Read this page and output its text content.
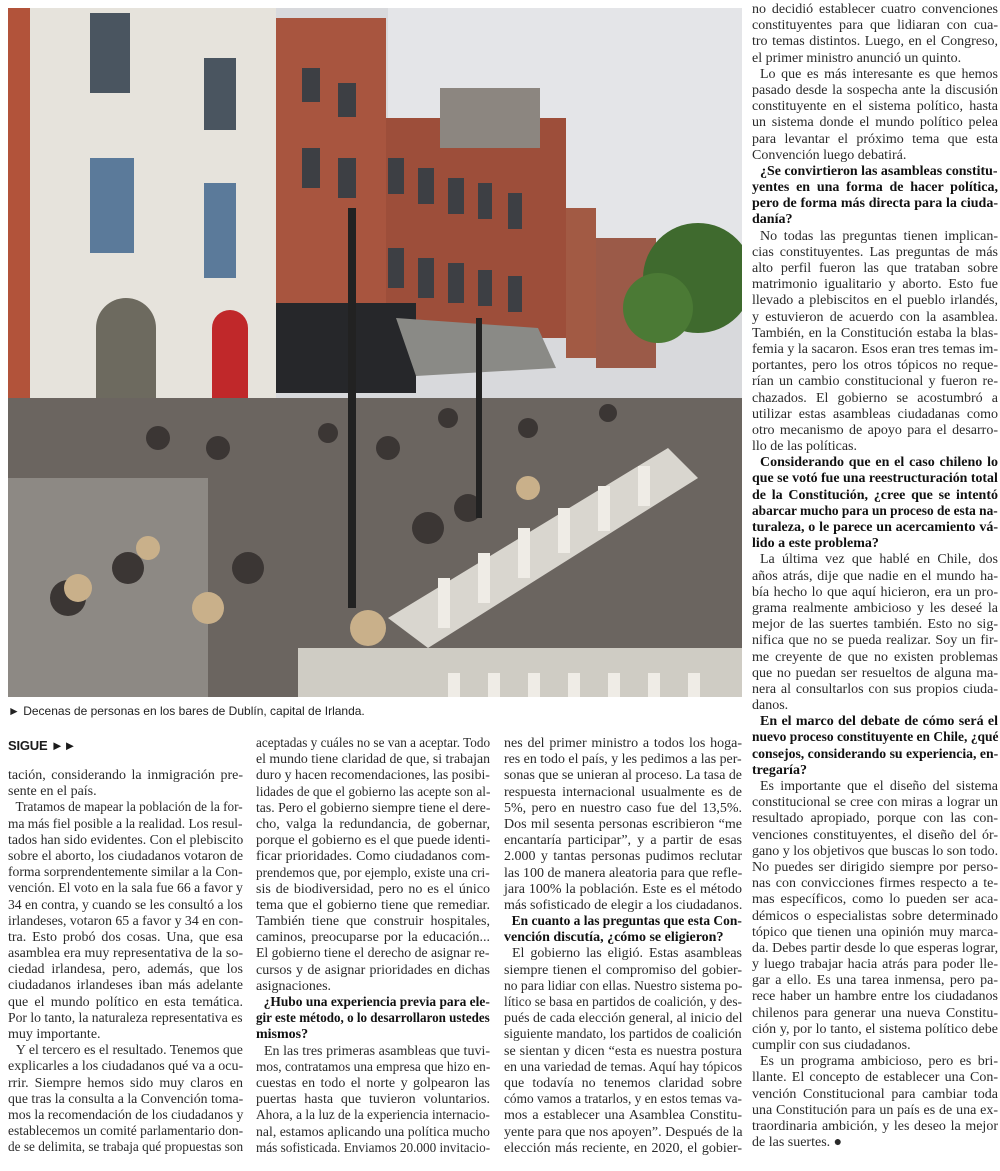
► Decenas de personas en los bares de Dublín, capital de Irlanda.
SIGUE ►►
no decidió establecer cuatro convenciones
constituyentes para que lidiaran con cua-
tro temas distintos. Luego, en el Congreso,
el primer ministro anunció un quinto.
Lo que es más interesante es que hemos
pasado desde la sospecha ante la discusión
constituyente en el sistema político, hasta
un sistema donde el mundo político pelea
para levantar el próximo tema que esta
Convención luego debatirá.
¿Se convirtieron las asambleas constitu-
yentes en una forma de hacer política,
pero de forma más directa para la ciuda-
danía?
No todas las preguntas tienen implican-
cias constituyentes. Las preguntas de más
alto perfil fueron las que trataban sobre
matrimonio igualitario y aborto. Esto fue
llevado a plebiscitos en el pueblo irlandés,
y estuvieron de acuerdo con la asamblea.
También, en la Constitución estaba la blas-
femia y la sacaron. Esos eran tres temas im-
portantes, pero los otros tópicos no reque-
rían un cambio constitucional y fueron re-
chazados. El gobierno se acostumbró a
utilizar estas asambleas ciudadanas como
otro mecanismo de apoyo para el desarro-
llo de las políticas.
Considerando que en el caso chileno lo
que se votó fue una reestructuración total
de la Constitución, ¿cree que se intentó
abarcar mucho para un proceso de esta na-
turaleza, o le parece un acercamiento vá-
lido a este problema?
La última vez que hablé en Chile, dos
años atrás, dije que nadie en el mundo ha-
bía hecho lo que aquí hicieron, era un pro-
grama realmente ambicioso y les deseé la
mejor de las suertes también. Esto no sig-
nifica que no se pueda realizar. Soy un fir-
me creyente de que no existen problemas
que no puedan ser resueltos de alguna ma-
nera al consultarlos con sus propios ciuda-
danos.
En el marco del debate de cómo será el
nuevo proceso constituyente en Chile, ¿qué
consejos, considerando su experiencia, en-
tregaría?
Es importante que el diseño del sistema
constitucional se cree con miras a lograr un
resultado apropiado, porque con las con-
venciones constituyentes, el diseño del ór-
gano y los objetivos que buscas lo son todo.
No puedes ser dirigido siempre por perso-
nas con convicciones firmes respecto a te-
mas específicos, como lo pueden ser aca-
démicos o especialistas sobre determinado
tópico que tienen una opinión muy marca-
da. Debes partir desde lo que esperas lograr,
y luego trabajar hacia atrás para poder lle-
gar a ello. Es una tarea inmensa, pero pa-
rece haber un hambre entre los ciudadanos
chilenos para generar una nueva Constitu-
ción y, por lo tanto, el sistema político debe
cumplir con sus ciudadanos.
Es un programa ambicioso, pero es bri-
llante. El concepto de establecer una Con-
vención Constitucional para cambiar toda
una Constitución para un país es de una ex-
traordinaria ambición, y les deseo la mejor
de las suertes. ●
tación, considerando la inmigración pre-
sente en el país.
Tratamos de mapear la población de la for-
ma más fiel posible a la realidad. Los resul-
tados han sido evidentes. Con el plebiscito
sobre el aborto, los ciudadanos votaron de
forma sorprendentemente similar a la Con-
vención. El voto en la sala fue 66 a favor y
34 en contra, y cuando se les consultó a los
irlandeses, votaron 65 a favor y 34 en con-
tra. Esto probó dos cosas. Una, que esa
asamblea era muy representativa de la so-
ciedad irlandesa, pero, además, que los
ciudadanos irlandeses iban más adelante
que el mundo político en esta temática.
Por lo tanto, la naturaleza representativa es
muy importante.
Y el tercero es el resultado. Tenemos que
explicarles a los ciudadanos qué va a ocu-
rrir. Siempre hemos sido muy claros en
que tras la consulta a la Convención toma-
mos la recomendación de los ciudadanos y
establecemos un comité parlamentario don-
de se delimita, se trabaja qué propuestas son
aceptadas y cuáles no se van a aceptar. Todo
el mundo tiene claridad de que, si trabajan
duro y hacen recomendaciones, las posibi-
lidades de que el gobierno las acepte son al-
tas. Pero el gobierno siempre tiene el dere-
cho, valga la redundancia, de gobernar,
porque el gobierno es el que puede identi-
ficar prioridades. Como ciudadanos com-
prendemos que, por ejemplo, existe una cri-
sis de biodiversidad, pero no es el único
tema que el gobierno tiene que remediar.
También tiene que construir hospitales,
caminos, preocuparse por la educación...
El gobierno tiene el derecho de asignar re-
cursos y de asignar prioridades en dichas
asignaciones.
¿Hubo una experiencia previa para ele-
gir este método, o lo desarrollaron ustedes
mismos?
En las tres primeras asambleas que tuvi-
mos, contratamos una empresa que hizo en-
cuestas en todo el norte y golpearon las
puertas hasta que tuvieron voluntarios.
Ahora, a la luz de la experiencia internacio-
nal, estamos aplicando una política mucho
más sofisticada. Enviamos 20.000 invitacio-
nes del primer ministro a todos los hoga-
res en todo el país, y les pedimos a las per-
sonas que se unieran al proceso. La tasa de
respuesta internacional usualmente es de
5%, pero en nuestro caso fue del 13,5%.
Dos mil sesenta personas escribieron “me
encantaría participar”, y a partir de esas
2.000 y tantas personas pudimos reclutar
las 100 de manera aleatoria para que refle-
jara 100% la población. Este es el método
más sofisticado de elegir a los ciudadanos.
En cuanto a las preguntas que esta Con-
vención discutía, ¿cómo se eligieron?
El gobierno las eligió. Estas asambleas
siempre tienen el compromiso del gobier-
no para lidiar con ellas. Nuestro sistema po-
lítico se basa en partidos de coalición, y des-
pués de cada elección general, al inicio del
siguiente mandato, los partidos de coalición
se sientan y dicen “esta es nuestra postura
en una variedad de temas. Aquí hay tópicos
que todavía no tenemos claridad sobre
cómo vamos a tratarlos, y en estos temas va-
mos a establecer una Asamblea Constitu-
yente para que nos apoyen”. Después de la
elección más reciente, en 2020, el gobier-
